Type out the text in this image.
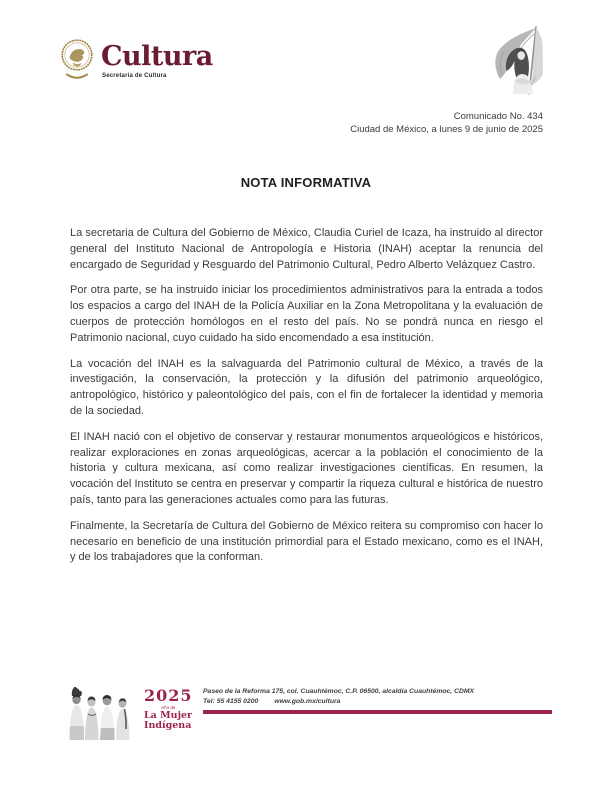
Cultura
Secretaría de Cultura
Comunicado No. 434
Ciudad de México, a lunes 9 de junio de 2025
NOTA INFORMATIVA

La secretaria de Cultura del Gobierno de México, Claudia Curiel de Icaza, ha instruido al director general del Instituto Nacional de Antropología e Historia (INAH) aceptar la renuncia del encargado de Seguridad y Resguardo del Patrimonio Cultural, Pedro Alberto Velázquez Castro.

Por otra parte, se ha instruido iniciar los procedimientos administrativos para la entrada a todos los espacios a cargo del INAH de la Policía Auxiliar en la Zona Metropolitana y la evaluación de cuerpos de protección homólogos en el resto del país. No se pondrá nunca en riesgo el Patrimonio nacional, cuyo cuidado ha sido encomendado a esa institución.

La vocación del INAH es la salvaguarda del Patrimonio cultural de México, a través de la investigación, la conservación, la protección y la difusión del patrimonio arqueológico, antropológico, histórico y paleontológico del país, con el fin de fortalecer la identidad y memoria de la sociedad.

El INAH nació con el objetivo de conservar y restaurar monumentos arqueológicos e históricos, realizar exploraciones en zonas arqueológicas, acercar a la población el conocimiento de la historia y cultura mexicana, así como realizar investigaciones científicas. En resumen, la vocación del Instituto se centra en preservar y compartir la riqueza cultural e histórica de nuestro país, tanto para las generaciones actuales como para las futuras.

Finalmente, la Secretaría de Cultura del Gobierno de México reitera su compromiso con hacer lo necesario en beneficio de una institución primordial para el Estado mexicano, como es el INAH, y de los trabajadores que la conforman.

2025
Año de
La Mujer
Indígena
Paseo de la Reforma 175, col. Cuauhtémoc, C.P. 06500, alcaldía Cuauhtémoc, CDMX
Tel: 55 4155 0200 www.gob.mx/cultura
